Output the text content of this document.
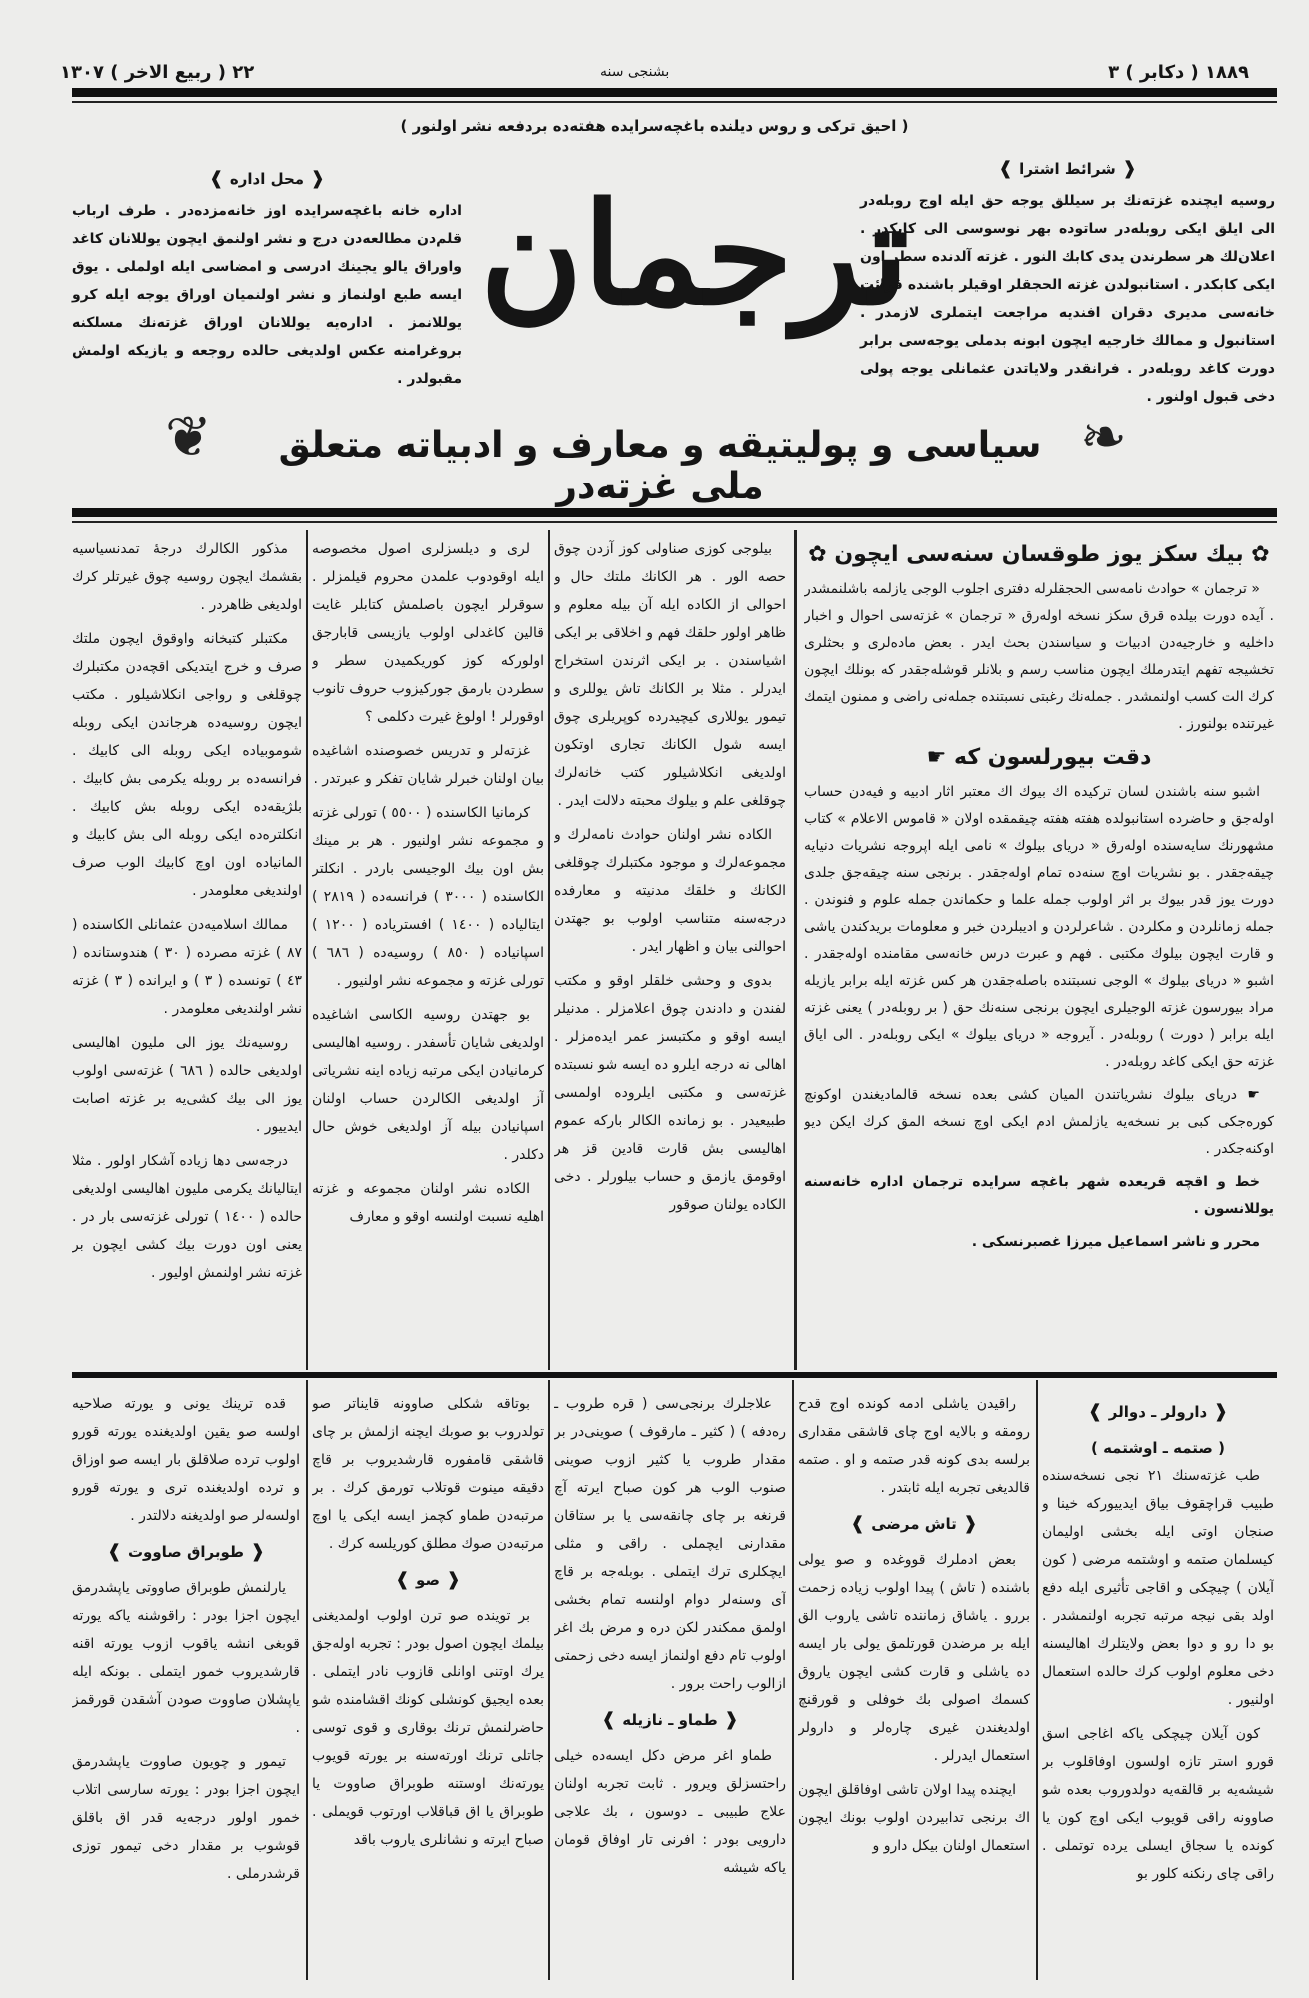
١٨٨٩ ( دكابر ) ٣
بشنجی سنه
٢٢ ( ربيع الاخر ) ١٣٠٧
( احيق تركی و روس دیلنده باغچه‌سرایده هفته‌ده بردفعه نشر اولنور )
❰ محل اداره ❱
اداره خانه باغچه‌سرایده اوز خانه‌مزده‌در . طرف ارباب قلم‌دن مطالعه‌دن درج و نشر اولنمق ایچون یوللانان کاغد واوراق یالو یجینك ادرسی و امضاسی ایله اولملی . یوق ایسه طبع اولنماز و نشر اولنمیان اوراق یوجه ایله کرو یوللانمز . اداره‌یه یوللانان اوراق غزته‌نك مسلکنه بروغرامنه عکس اولدیغی حالده روجعه و یازیکه اولمش مقبولدر .
ترجمان
❰ شرائط اشترا ❱
روسیه ایچنده غزته‌نك بر سیللق یوجه حق ایله اوج روبله‌در الی ایلق ایکی روبله‌در ساتوده بهر نوسوسی الی کابکدر . اعلان‌لك هر سطرندن یدی کابك النور . غزته آلدنده سطر اون ایکی کابکدر . استانبولدن غزته الحجقلر اوقیلر باشنده قرائت خانه‌سی مدیری دقران افندیه مراجعت ایتملری لازمدر . استانبول و ممالك خارجیه ایچون ابونه بدملی یوجه‌سی برابر دورت کاغد روبله‌در . فرانقدر ولایاتدن عثمانلی یوجه پولی دخی قبول اولنور .
❦	سیاسی و پولیتیقه و معارف و ادبیاته متعلق ملی غزته‌در
❧

مذکور الکالرك درجهٔ تمدنسیاسیه بقشمك ایچون روسیه چوق غیرتلر کرك اولدیغی ظاهردر .

مکتبلر کتبخانه واوقوق ایچون ملتك صرف و خرج ایتدیکی اقچه‌دن مکتبلرك چوقلغی و رواجی انکلاشیلور . مکتب ایچون روسیه‌ده هرجاندن ایکی روبله شوموبیاده ایکی روبله الی کابیك . فرانسه‌ده بر روبله یکرمی بش کابیك . بلژیقه‌ده ایکی روبله بش کابیك . انکلتره‌ده ایکی روبله الی بش کابیك و المانیاده اون اوچ کابیك الوب صرف اولندیغی معلومدر .

ممالك اسلامیه‌دن عثمانلی الکاسنده ( ٨٧ ) غزته مصرده ( ٣٠ ) هندوستانده ( ٤٣ ) تونسده ( ٣ ) و ایرانده ( ٣ ) غزته نشر اولندیغی معلومدر .

روسیه‌نك یوز الی ملیون اهالیسی اولدیغی حالده ( ٦٨٦ ) غزته‌سی اولوب یوز الی بیك کشی‌یه بر غزته اصابت ایدییور .

درجه‌سی دها زیاده آشکار اولور . مثلا ایتالیانك یکرمی ملیون اهالیسی اولدیغی حالده ( ١٤٠٠ ) تورلی غزته‌سی بار در . یعنی اون دورت بیك کشی ایچون بر غزته نشر اولنمش اولیور .

لری و دیلسزلری اصول مخصوصه ایله اوقودوب علمدن محروم قیلمزلر . سوقرلر ایچون باصلمش کتابلر غایت قالین کاغدلی اولوب یازیسی قابارجق اولورکه کوز کوریکمیدن سطر و سطردن بارمق جورکیزوب حروف تانوب اوقورلر ! اولوغ غیرت دکلمی ؟

غزته‌لر و تدریس خصوصنده اشاغیده بیان اولنان خبرلر شایان تفکر و عبرتدر .

کرمانیا الکاسنده ( ٥٥٠٠ ) تورلی غزته و مجموعه نشر اولنیور . هر بر مینك بش اون بیك الوجیسی باردر . انکلتر الکاسنده ( ٣٠٠٠ ) فرانسه‌ده ( ٢٨١٩ ) ایتالیاده ( ١٤٠٠ ) افستریاده ( ١٢٠٠ ) اسپانیاده ( ٨٥٠ ) روسیه‌ده ( ٦٨٦ ) تورلی غزته و مجموعه نشر اولنیور .

بو جهتدن روسیه الکاسی اشاغیده اولدیغی شایان تأسفدر . روسیه اهالیسی کرمانیادن ایکی مرتبه زیاده اینه نشریاتی آز اولدیغی الکالردن حساب اولنان اسپانیادن بیله آز اولدیغی خوش حال دکلدر .

الکاده نشر اولنان مجموعه و غزته اهلیه نسبت اولنسه اوقو و معارف

بیلوجی کوزی صناولی کوز آزدن چوق حصه الور . هر الکانك ملتك حال و احوالی از الکاده ایله آن بیله معلوم و ظاهر اولور حلقك فهم و اخلاقی بر ایکی اشیاسندن . بر ایکی اثرندن استخراج ایدرلر . مثلا بر الکانك تاش یوللری و تیمور یوللاری کیچیدرده کوپریلری چوق ایسه شول الکانك تجاری اوتکون اولدیغی انکلاشیلور کتب خانه‌لرك چوقلغی علم و بیلوك محبته دلالت ایدر .

الکاده نشر اولنان حوادث نامه‌لرك و مجموعه‌لرك و موجود مکتبلرك چوقلغی الکانك و خلقك مدنیته و معارفده درجه‌سنه متناسب اولوب بو جهتدن احوالنی بیان و اظهار ایدر .

بدوی و وحشی خلقلر اوقو و مکتب لفندن و دادندن چوق اعلامزلر . مدنیلر ایسه اوقو و مکتبسز عمر ایده‌مزلر . اهالی نه درجه ایلرو ده ایسه شو نسبتده غزته‌سی و مکتبی ایلروده اولمسی طبیعیدر . بو زمانده الکالر بارکه عموم اهالیسی بش قارت قادین قز هر اوقومق یازمق و حساب بیلورلر . دخی الکاده یولنان صوقور

✿ بیك سکز یوز طوقسان سنه‌سی ایچون ✿

« ترجمان » حوادث نامه‌سی الحجقلرله دفتری اجلوب الوجی یازلمه باشلنمشدر . آیده دورت بیلده قرق سکز نسخه اوله‌رق « ترجمان » غزته‌سی احوال و اخبار داخلیه و خارجیه‌دن ادبیات و سیاسندن بحث ایدر . بعض ماده‌لری و بحثلری تخشیجه تفهم ایتدرملك ایچون مناسب رسم و بلانلر قوشله‌جقدر که بونلك ایچون کرك الت کسب اولنمشدر . جمله‌نك رغبتی نسبتنده جمله‌نی راضی و ممنون ایتمك غیرتنده بولنورز .

دقت بیورلسون که ☛

اشبو سنه باشندن لسان ترکیده اك بیوك اك معتبر اثار ادبیه و فیه‌دن حساب اوله‌جق و حاضرده استانبولده هفته هفته چیقمقده اولان « قاموس الاعلام » کتاب مشهورنك سایه‌سنده اوله‌رق « دریای بیلوك » نامی ایله اپروجه نشریات دنیایه چیقه‌جقدر . بو نشریات اوچ سنه‌ده تمام اوله‌جقدر . برنجی سنه چیقه‌جق جلدی دورت یوز قدر بیوك بر اثر اولوب جمله علما و حکماندن جمله علوم و فنوندن . جمله زمانلردن و مکلردن . شاعرلردن و ادیبلردن خبر و معلومات بریدکندن یاشی و قارت ایچون بیلوك مکتبی . فهم و عبرت درس خانه‌سی مقامنده اوله‌جقدر . اشبو « دریای بیلوك » الوجی نسبتنده باصله‌جقدن هر کس غزته ایله برابر یازیله مراد بیورسون غزته الوجیلری ایچون برنجی سنه‌نك حق ( بر روبله‌در ) یعنی غزته ایله برابر ( دورت ) روبله‌در . آیروجه « دریای بیلوك » ایکی روبله‌در . الی ایاق غزته حق ایکی کاغد روبله‌در .

☛ دریای بیلوك نشریاتندن المیان کشی بعده نسخه قالمادیغندن اوکونچ کوره‌جکی کبی بر نسخه‌یه یازلمش ادم ایکی اوچ نسخه المق کرك ایکن دیو اوکنه‌جکدر .

خط و اقچه قریعده شهر باغچه سرایده ترجمان اداره خانه‌سنه یوللانسون .

محرر و ناشر اسماعیل میرزا غصبرنسکی .

قده ترینك یونی و یورته صلاحیه اولسه صو یقین اولدیغنده یورته قورو اولوب ترده صلاقلق بار ایسه صو اوزاق و ترده اولدیغنده تری و یورته قورو اولسه‌لر صو اولدیغنه دلالتدر .

❰ طوبراق صاووت ❱

یارلنمش طوبراق صاووتی یاپشدرمق ایچون اجزا بودر : راقوشنه یاکه یورته قوبغی انشه یاقوب ازوب یورته اقنه قارشدیروب خمور ایتملی . بونکه ایله یاپشلان صاووت صودن آشقدن قورقمز .

تیمور و چویون صاووت یاپشدرمق ایچون اجزا بودر : یورته سارسی اتلاب خمور اولور درجه‌یه قدر اق باقلق قوشوب بر مقدار دخی تیمور توزی قرشدرملی .

بوتاقه شکلی صاوونه قایناتر صو تولدروب بو صوبك ایچنه ازلمش بر چای قاشقی قامفوره قارشدیروب بر قاچ دقیقه مینوت قوتلاب تورمق کرك . بر مرتبه‌دن طماو کچمز ایسه ایکی یا اوچ مرتبه‌دن صوك مطلق کوریلسه کرك .

❰ صو ❱

بر توینده صو ترن اولوب اولمدیغنی بیلمك ایچون اصول بودر : تجربه اوله‌جق یرك اوتنی اوانلی قازوب نادر ایتملی . بعده ایجیق کونشلی کونك اقشامنده شو حاضرلنمش ترنك بوقاری و قوی توسی جاتلی ترنك اورته‌سنه بر یورته قویوب یورته‌نك اوستنه طوبراق صاووت یا طوبراق یا اق قباقلاب اورتوب قویملی . صباح ایرته و نشانلری یاروب باقد

علاجلرك برنجی‌سی ( قره طروب ـ ره‌دفه ) ( کثیر ـ مارقوف ) صوینی‌در بر مقدار طروب یا کثیر ازوب صوینی صنوب الوب هر کون صباح ایرته آچ قرنغه بر چای چانقه‌سی یا بر ستاقان مقدارنی ایچملی . راقی و مثلی ایچکلری ترك ایتملی . بوبله‌جه بر قاچ آی وسنه‌لر دوام اولنسه تمام بخشی اولمق ممکندر لکن دره و مرض بك اغر اولوب تام دفع اولنماز ایسه دخی زحمتی ازالوب راحت برور .

❰ طماو ـ نازیله ❱

طماو اغر مرض دکل ایسه‌ده خیلی راحتسزلق ویرور . ثابت تجربه اولنان علاج طبیبی ـ دوسون ، بك علاجی دارویی بودر : افرنی تار اوفاق قومان یاکه شیشه

راقیدن یاشلی ادمه کونده اوج قدح رومقه و بالایه اوج چای قاشقی مقداری برلسه بدی کونه قدر صتمه و او . صتمه قالدیغی تجربه ایله ثابتدر .

❰ تاش مرضی ❱

بعض ادملرك قووغده و صو یولی باشنده ( تاش ) پیدا اولوب زیاده زحمت بررو . یاشاق زماننده تاشی یاروب الق ایله بر مرضدن قورتلمق یولی بار ایسه ده یاشلی و قارت کشی ایچون یاروق کسمك اصولی بك خوفلی و قورقنچ اولدیغندن غیری چاره‌لر و دارولر استعمال ایدرلر .

ایچنده پیدا اولان تاشی اوفاقلق ایچون اك برنجی تدابیردن اولوب بونك ایچون استعمال اولنان بیکل دارو و

❰ دارولر ـ دوالر ❱
( صتمه ـ اوشتمه )

طب غزته‌سنك ٢١ نجی نسخه‌سنده طبیب قراچقوف بیاق ایدییورکه خینا و صنجان اوتی ایله بخشی اولیمان کیسلمان صتمه و اوشتمه مرضی ( کون آیلان ) چیچکی و اقاجی تأثیری ایله دفع اولد بقی نیجه مرتبه تجربه اولنمشدر . بو دا رو و دوا بعض ولایتلرك اهالیسنه دخی معلوم اولوب کرك حالده استعمال اولنیور .

کون آیلان چیچکی یاکه اغاجی اسق قورو استر تازه اولسون اوفاقلوب بر شیشه‌یه بر قالقه‌یه دولدوروب بعده شو صاوونه راقی قویوب ایکی اوچ کون یا کونده یا سجاق ایسلی یرده توتملی . راقی چای رنکنه کلور بو
